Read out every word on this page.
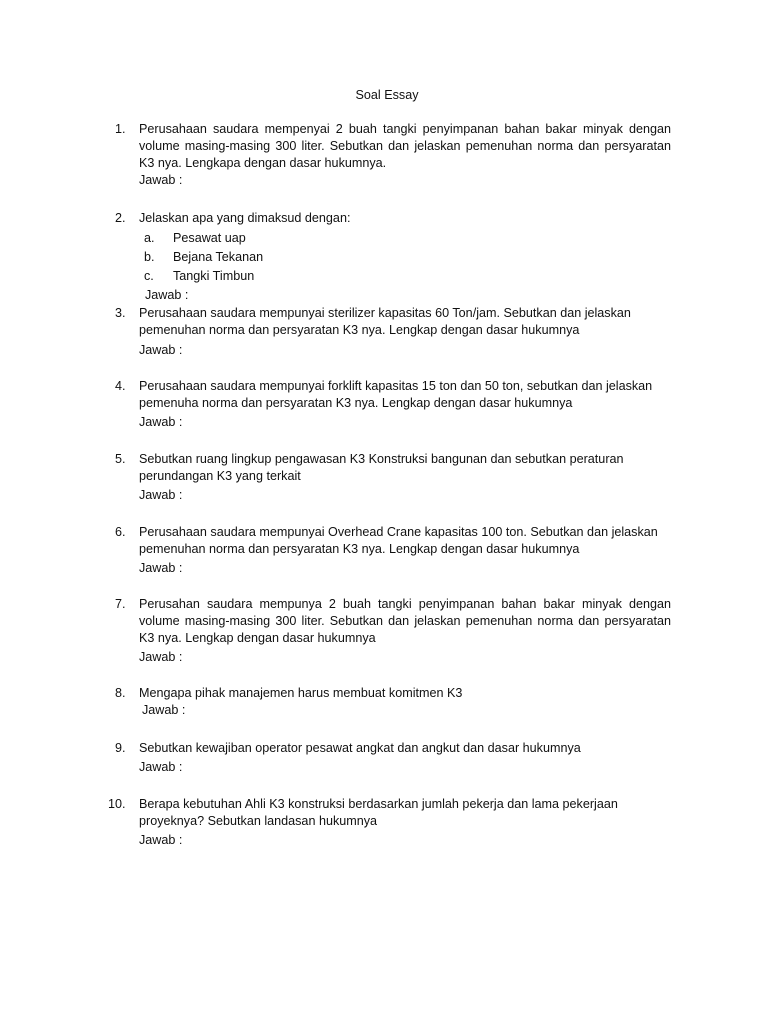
Soal Essay
1.	Perusahaan saudara mempenyai 2 buah tangki penyimpanan bahan bakar minyak dengan volume masing-masing 300 liter. Sebutkan dan jelaskan pemenuhan norma dan persyaratan K3 nya. Lengkapa dengan dasar hukumnya.
Jawab :
2.	Jelaskan apa yang dimaksud dengan:
a.	Pesawat uap
b.	Bejana Tekanan
c.	Tangki Timbun
Jawab :
3.	Perusahaan saudara mempunyai sterilizer kapasitas 60 Ton/jam. Sebutkan dan jelaskan pemenuhan norma dan persyaratan K3 nya. Lengkap dengan dasar hukumnya
Jawab :
4.	Perusahaan saudara mempunyai forklift kapasitas 15 ton dan 50 ton, sebutkan dan jelaskan pemenuha norma dan persyaratan K3 nya. Lengkap dengan dasar hukumnya
Jawab :
5.	Sebutkan ruang lingkup pengawasan K3 Konstruksi bangunan dan sebutkan peraturan perundangan K3 yang terkait
Jawab :
6.	Perusahaan saudara mempunyai Overhead Crane kapasitas 100 ton. Sebutkan dan jelaskan pemenuhan norma dan persyaratan K3 nya. Lengkap dengan dasar hukumnya
Jawab :
7.	Perusahan saudara mempunya 2 buah tangki penyimpanan bahan bakar minyak dengan volume masing-masing 300 liter. Sebutkan dan jelaskan pemenuhan norma dan persyaratan K3 nya. Lengkap dengan dasar hukumnya
Jawab :
8.	Mengapa pihak manajemen harus membuat komitmen K3
Jawab :
9.	Sebutkan kewajiban operator pesawat angkat dan angkut dan dasar hukumnya
Jawab :
10.	Berapa kebutuhan Ahli K3 konstruksi berdasarkan jumlah pekerja dan lama pekerjaan proyeknya? Sebutkan landasan hukumnya
Jawab :
